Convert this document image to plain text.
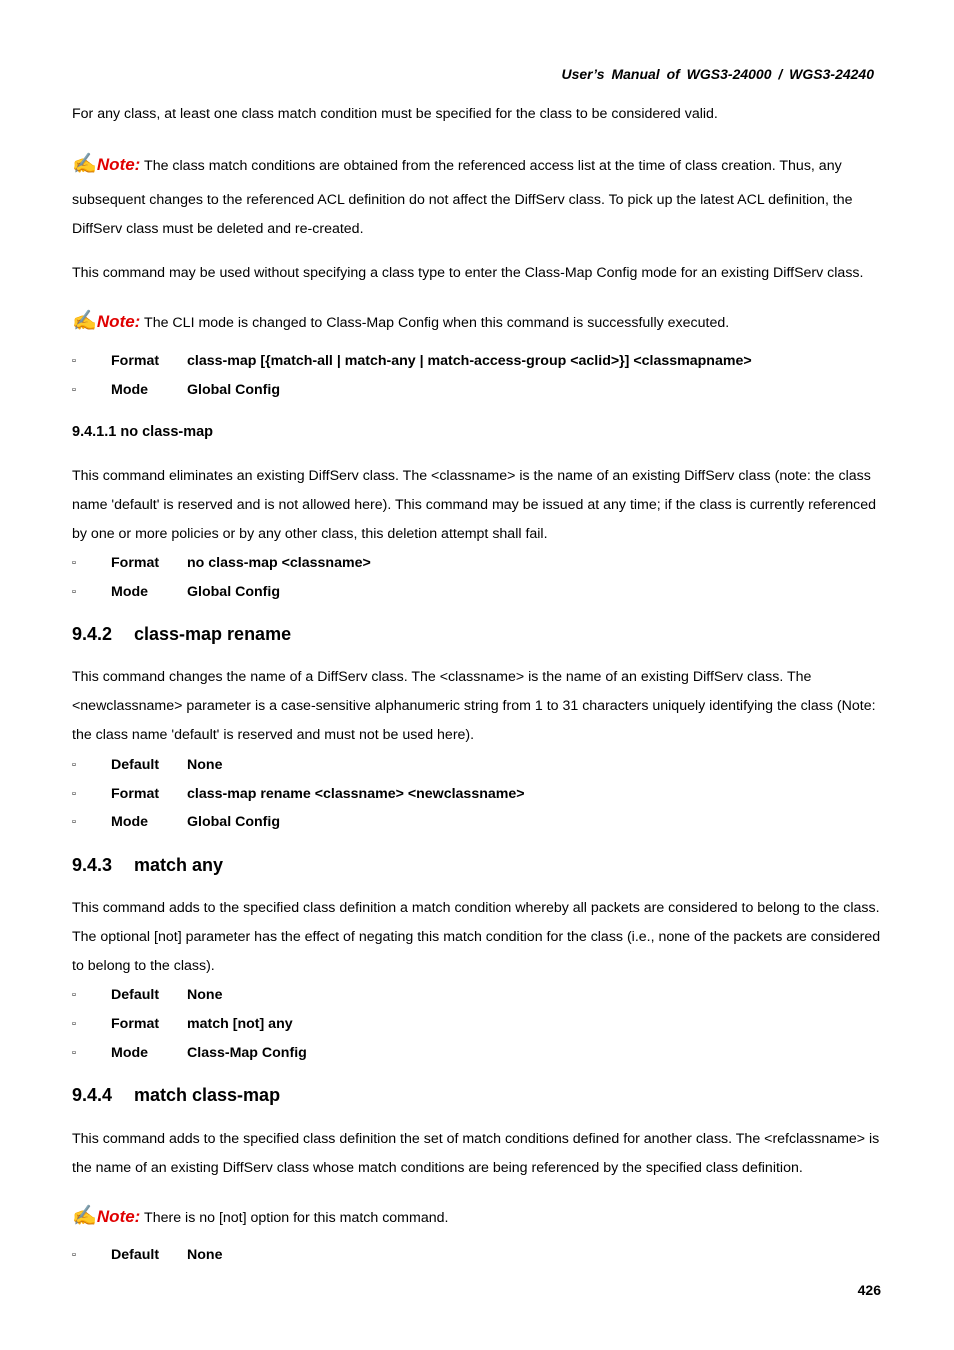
User’s Manual of WGS3-24000 / WGS3-24240
For any class, at least one class match condition must be specified for the class to be considered valid.
✍Note: The class match conditions are obtained from the referenced access list at the time of class creation. Thus, any
subsequent changes to the referenced ACL definition do not affect the DiffServ class. To pick up the latest ACL definition, the DiffServ class must be deleted and re-created.
This command may be used without specifying a class type to enter the Class-Map Config mode for an existing DiffServ class.
✍Note: The CLI mode is changed to Class-Map Config when this command is successfully executed.
▫ Format class-map [{match-all | match-any | match-access-group <aclid>}] <classmapname>
▫ Mode	Global Config
9.4.1.1 no class-map
This command eliminates an existing DiffServ class. The <classname> is the name of an existing DiffServ class (note: the class name 'default' is reserved and is not allowed here). This command may be issued at any time; if the class is currently referenced by one or more policies or by any other class, this deletion attempt shall fail.
▫ Format no class-map <classname>
▫ Mode	Global Config
9.4.2 class-map rename
This command changes the name of a DiffServ class. The <classname> is the name of an existing DiffServ class. The <newclassname> parameter is a case-sensitive alphanumeric string from 1 to 31 characters uniquely identifying the class (Note: the class name 'default' is reserved and must not be used here).
▫ Default None
▫ Format class-map rename <classname> <newclassname>
▫ Mode	Global Config
9.4.3 match any
This command adds to the specified class definition a match condition whereby all packets are considered to belong to the class. The optional [not] parameter has the effect of negating this match condition for the class (i.e., none of the packets are considered to belong to the class).
▫ Default None
▫ Format match [not] any
▫ Mode	Class-Map Config
9.4.4 match class-map
This command adds to the specified class definition the set of match conditions defined for another class. The <refclassname> is the name of an existing DiffServ class whose match conditions are being referenced by the specified class definition.
✍Note: There is no [not] option for this match command.
▫ Default None
426
